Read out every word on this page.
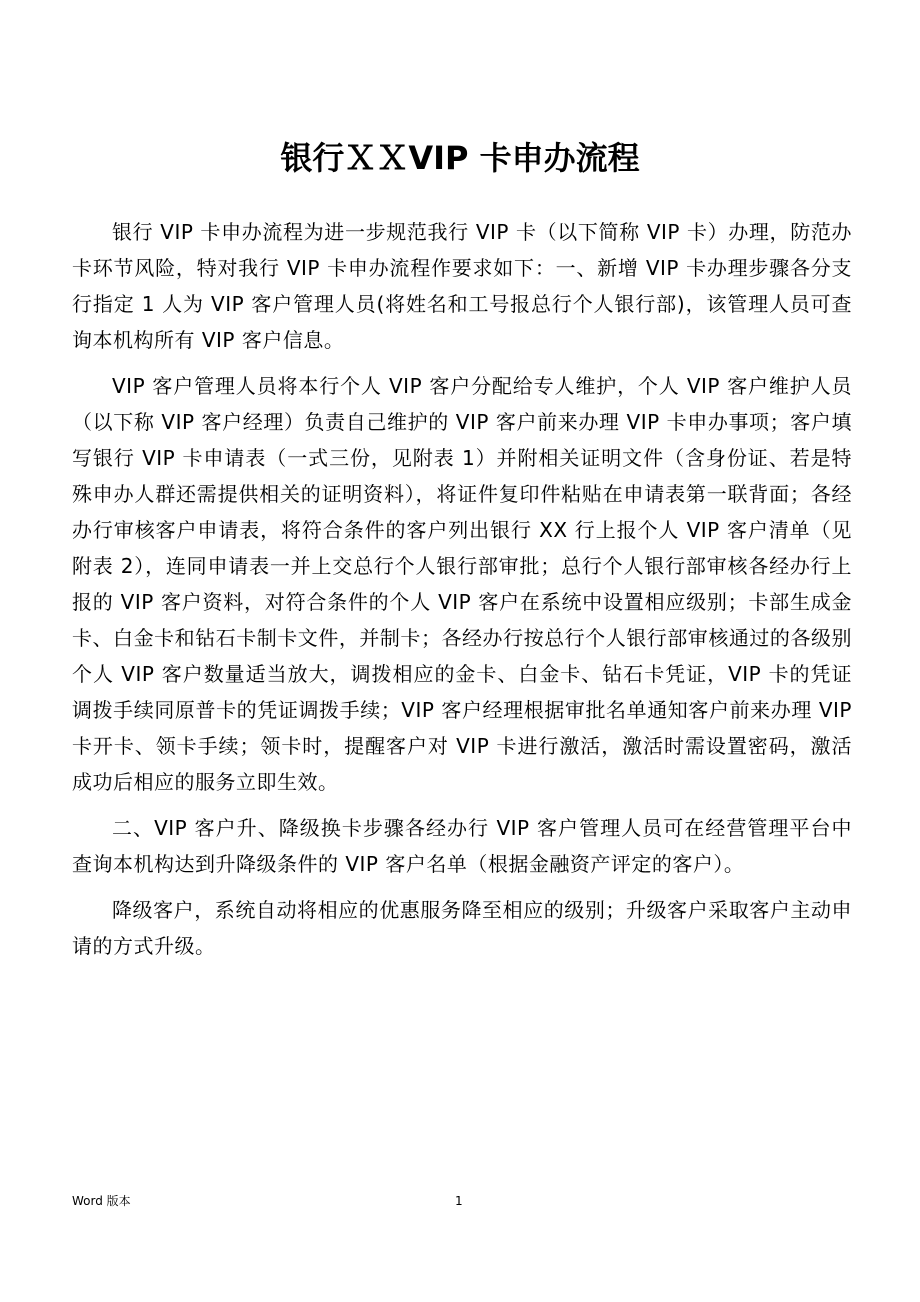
银行ＸＸVIP 卡申办流程

银行 VIP 卡申办流程为进一步规范我行 VIP 卡（以下简称 VIP 卡）办理，防范办卡环节风险，特对我行 VIP 卡申办流程作要求如下：一、新增 VIP 卡办理步骤各分支行指定 1 人为 VIP 客户管理人员(将姓名和工号报总行个人银行部)，该管理人员可查询本机构所有 VIP 客户信息。

VIP 客户管理人员将本行个人 VIP 客户分配给专人维护，个人 VIP 客户维护人员（以下称 VIP 客户经理）负责自己维护的 VIP 客户前来办理 VIP 卡申办事项；客户填写银行 VIP 卡申请表（一式三份，见附表 1）并附相关证明文件（含身份证、若是特殊申办人群还需提供相关的证明资料），将证件复印件粘贴在申请表第一联背面；各经办行审核客户申请表，将符合条件的客户列出银行 XX 行上报个人 VIP 客户清单（见附表 2），连同申请表一并上交总行个人银行部审批；总行个人银行部审核各经办行上报的 VIP 客户资料，对符合条件的个人 VIP 客户在系统中设置相应级别；卡部生成金卡、白金卡和钻石卡制卡文件，并制卡；各经办行按总行个人银行部审核通过的各级别个人 VIP 客户数量适当放大，调拨相应的金卡、白金卡、钻石卡凭证，VIP 卡的凭证调拨手续同原普卡的凭证调拨手续；VIP 客户经理根据审批名单通知客户前来办理 VIP 卡开卡、领卡手续；领卡时，提醒客户对 VIP 卡进行激活，激活时需设置密码，激活成功后相应的服务立即生效。

二、VIP 客户升、降级换卡步骤各经办行 VIP 客户管理人员可在经营管理平台中查询本机构达到升降级条件的 VIP 客户名单（根据金融资产评定的客户）。

降级客户，系统自动将相应的优惠服务降至相应的级别；升级客户采取客户主动申请的方式升级。

Word 版本	1
